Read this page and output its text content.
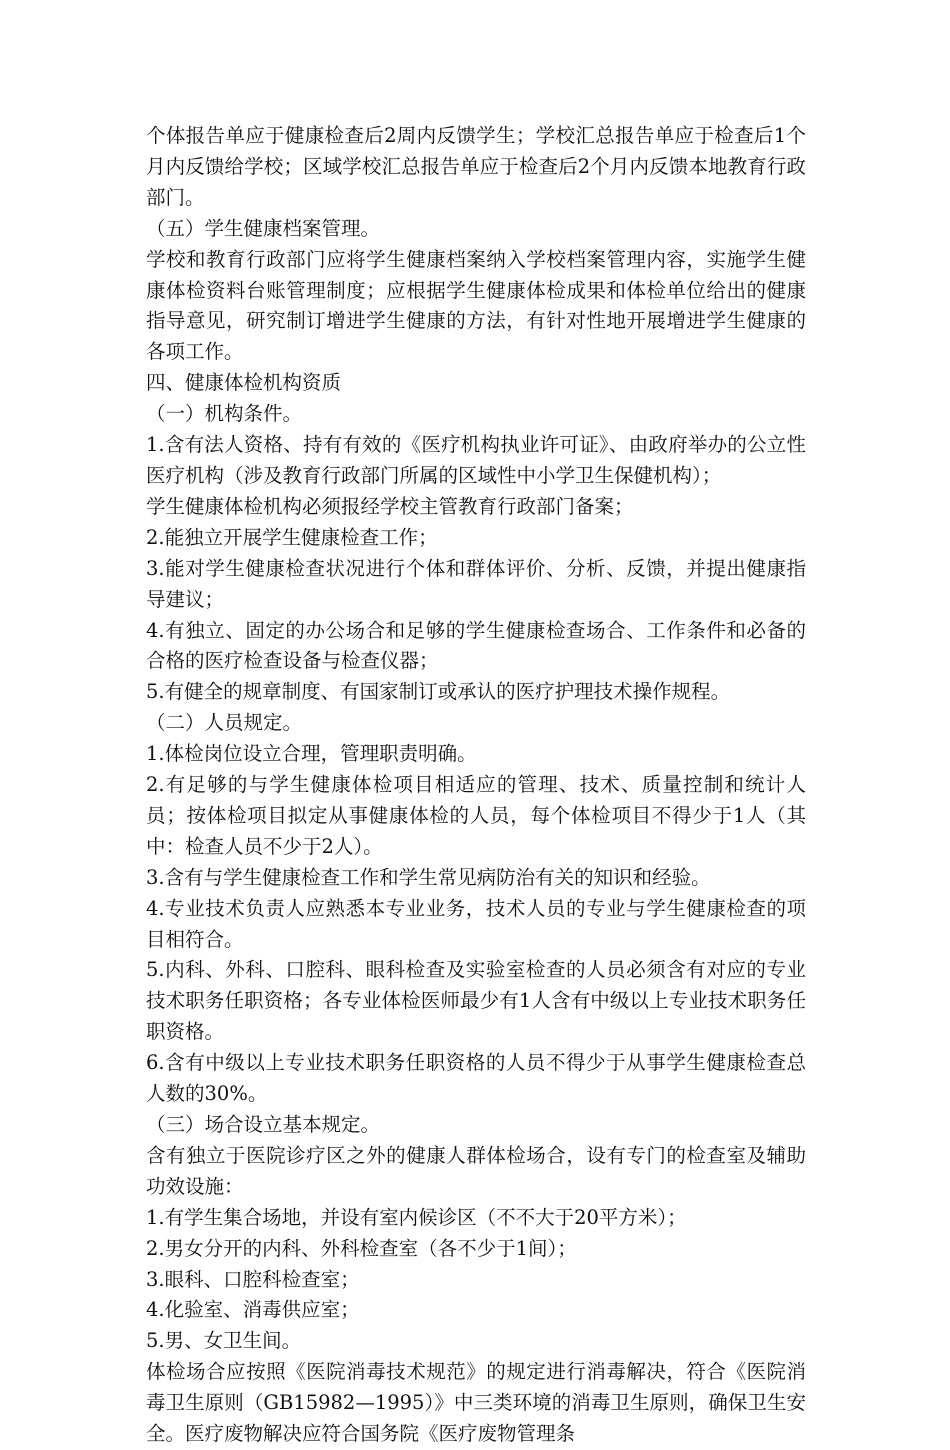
个体报告单应于健康检查后2周内反馈学生；学校汇总报告单应于检查后1个月内反馈给学校；区域学校汇总报告单应于检查后2个月内反馈本地教育行政部门。

（五）学生健康档案管理。

学校和教育行政部门应将学生健康档案纳入学校档案管理内容，实施学生健康体检资料台账管理制度；应根据学生健康体检成果和体检单位给出的健康指导意见，研究制订增进学生健康的方法，有针对性地开展增进学生健康的各项工作。

四、健康体检机构资质

（一）机构条件。

1.含有法人资格、持有有效的《医疗机构执业许可证》、由政府举办的公立性医疗机构（涉及教育行政部门所属的区域性中小学卫生保健机构）；

学生健康体检机构必须报经学校主管教育行政部门备案；

2.能独立开展学生健康检查工作；

3.能对学生健康检查状况进行个体和群体评价、分析、反馈，并提出健康指导建议；

4.有独立、固定的办公场合和足够的学生健康检查场合、工作条件和必备的合格的医疗检查设备与检查仪器；

5.有健全的规章制度、有国家制订或承认的医疗护理技术操作规程。

（二）人员规定。

1.体检岗位设立合理，管理职责明确。

2.有足够的与学生健康体检项目相适应的管理、技术、质量控制和统计人员；按体检项目拟定从事健康体检的人员，每个体检项目不得少于1人（其中：检查人员不少于2人）。

3.含有与学生健康检查工作和学生常见病防治有关的知识和经验。

4.专业技术负责人应熟悉本专业业务，技术人员的专业与学生健康检查的项目相符合。

5.内科、外科、口腔科、眼科检查及实验室检查的人员必须含有对应的专业技术职务任职资格；各专业体检医师最少有1人含有中级以上专业技术职务任职资格。

6.含有中级以上专业技术职务任职资格的人员不得少于从事学生健康检查总人数的30%。

（三）场合设立基本规定。

含有独立于医院诊疗区之外的健康人群体检场合，设有专门的检查室及辅助功效设施：

1.有学生集合场地，并设有室内候诊区（不不大于20平方米）；

2.男女分开的内科、外科检查室（各不少于1间）；

3.眼科、口腔科检查室；

4.化验室、消毒供应室；

5.男、女卫生间。

体检场合应按照《医院消毒技术规范》的规定进行消毒解决，符合《医院消毒卫生原则（GB15982—1995）》中三类环境的消毒卫生原则，确保卫生安全。医疗废物解决应符合国务院《医疗废物管理条
